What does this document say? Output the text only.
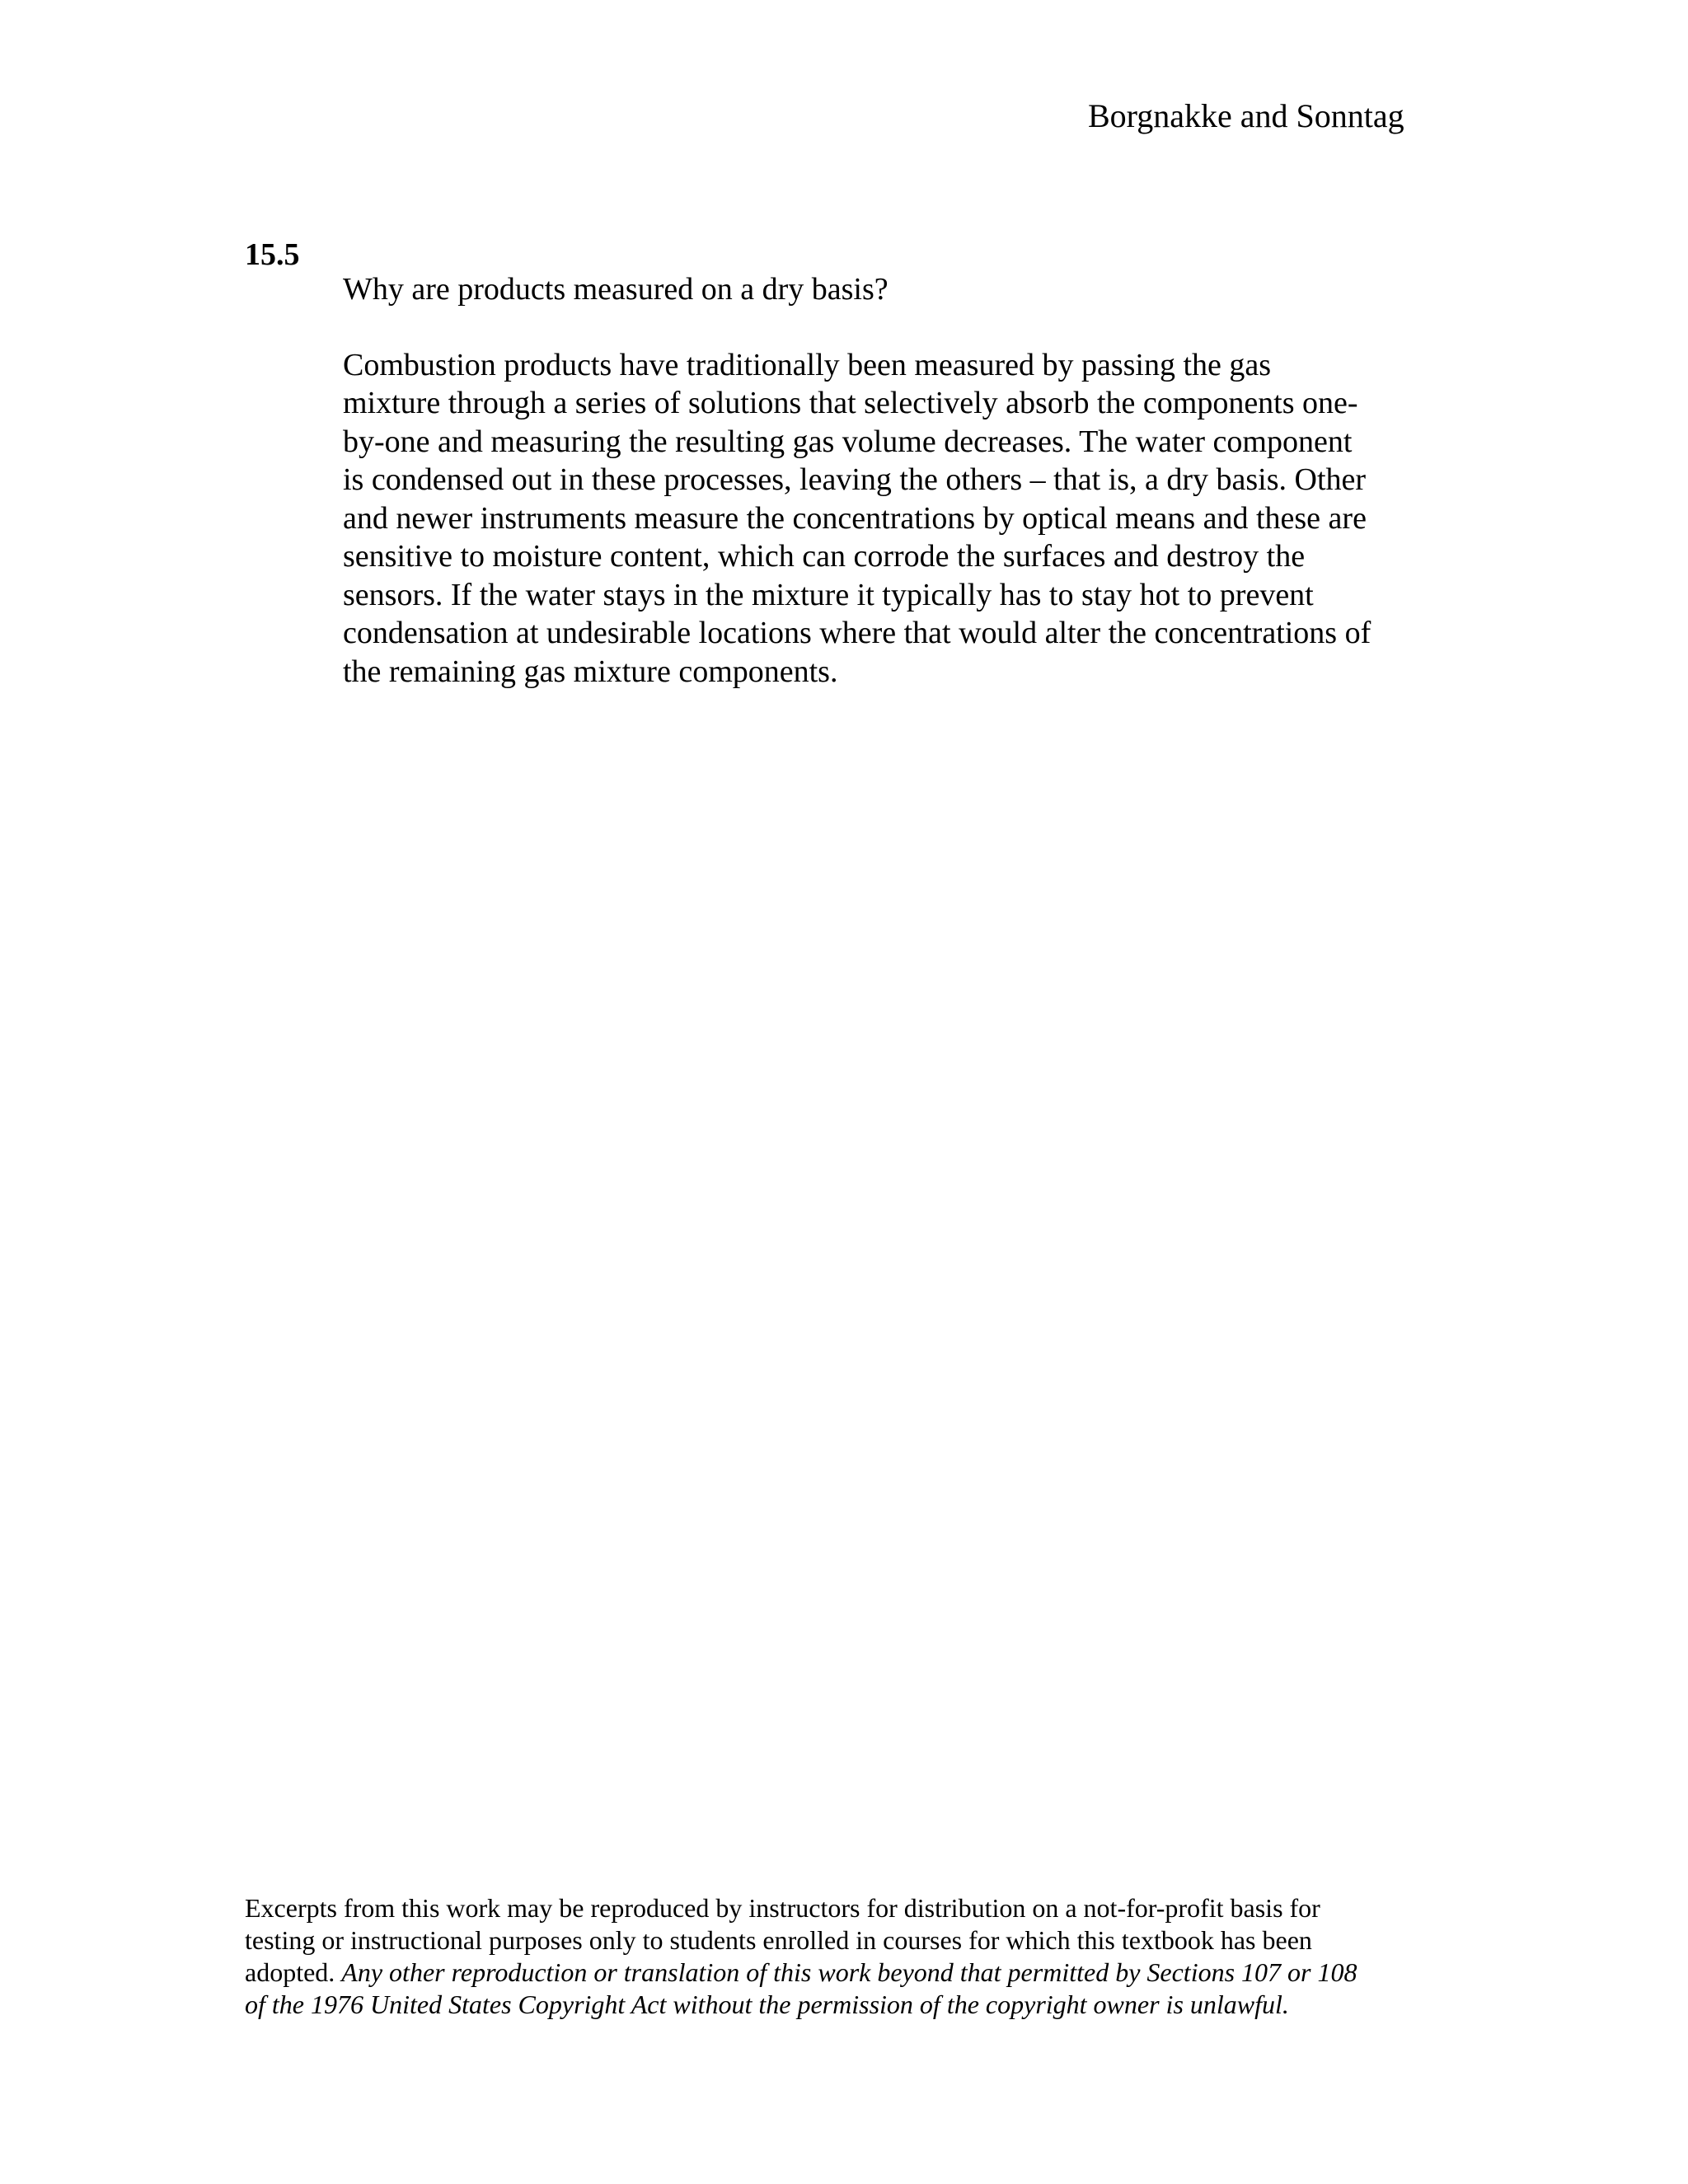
Borgnakke and Sonntag
15.5

Why are products measured on a dry basis?

Combustion products have traditionally been measured by passing the gas
mixture through a series of solutions that selectively absorb the components one-
by-one and measuring the resulting gas volume decreases. The water component
is condensed out in these processes, leaving the others – that is, a dry basis. Other
and newer instruments measure the concentrations by optical means and these are
sensitive to moisture content, which can corrode the surfaces and destroy the
sensors. If the water stays in the mixture it typically has to stay hot to prevent
condensation at undesirable locations where that would alter the concentrations of
the remaining gas mixture components.

Excerpts from this work may be reproduced by instructors for distribution on a not-for-profit basis for
testing or instructional purposes only to students enrolled in courses for which this textbook has been
adopted. Any other reproduction or translation of this work beyond that permitted by Sections 107 or 108
of the 1976 United States Copyright Act without the permission of the copyright owner is unlawful.
